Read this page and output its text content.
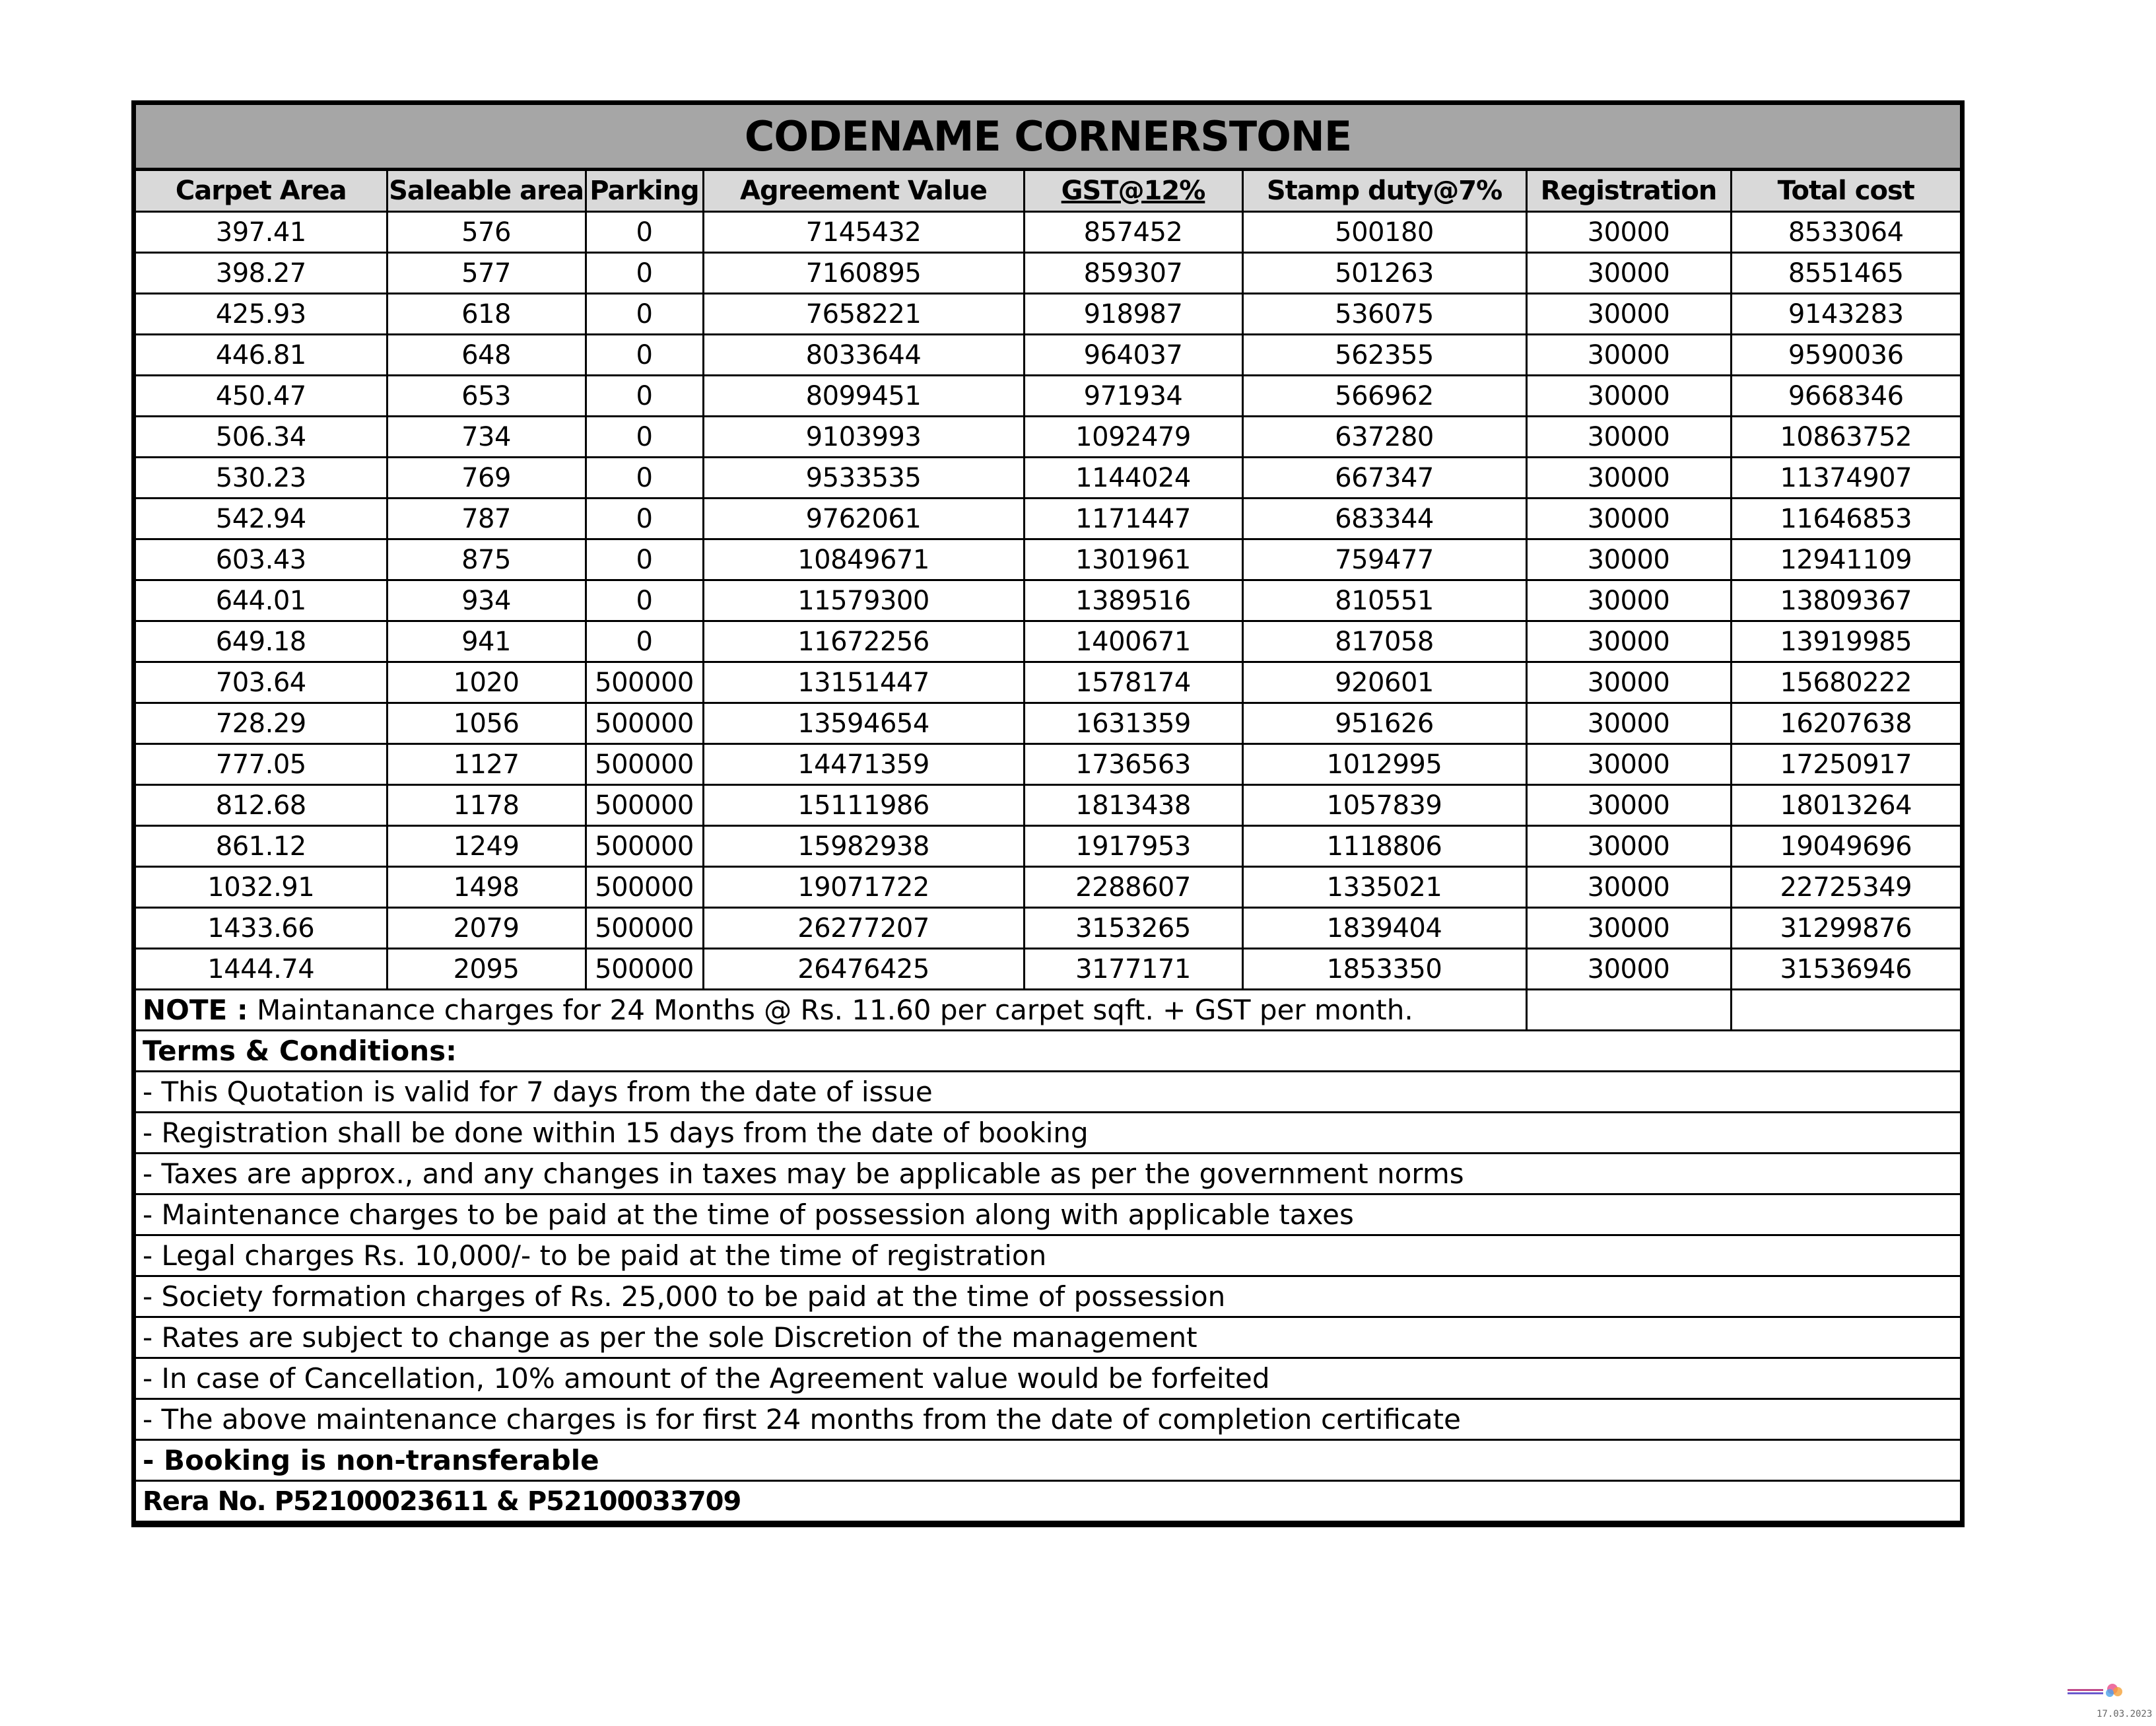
CODENAME CORNERSTONE
Carpet Area	Saleable area	Parking	Agreement Value	GST@12%	Stamp duty@7%	Registration	Total cost
397.41	576	0	7145432	857452	500180	30000	8533064
398.27	577	0	7160895	859307	501263	30000	8551465
425.93	618	0	7658221	918987	536075	30000	9143283
446.81	648	0	8033644	964037	562355	30000	9590036
450.47	653	0	8099451	971934	566962	30000	9668346
506.34	734	0	9103993	1092479	637280	30000	10863752
530.23	769	0	9533535	1144024	667347	30000	11374907
542.94	787	0	9762061	1171447	683344	30000	11646853
603.43	875	0	10849671	1301961	759477	30000	12941109
644.01	934	0	11579300	1389516	810551	30000	13809367
649.18	941	0	11672256	1400671	817058	30000	13919985
703.64	1020	500000	13151447	1578174	920601	30000	15680222
728.29	1056	500000	13594654	1631359	951626	30000	16207638
777.05	1127	500000	14471359	1736563	1012995	30000	17250917
812.68	1178	500000	15111986	1813438	1057839	30000	18013264
861.12	1249	500000	15982938	1917953	1118806	30000	19049696
1032.91	1498	500000	19071722	2288607	1335021	30000	22725349
1433.66	2079	500000	26277207	3153265	1839404	30000	31299876
1444.74	2095	500000	26476425	3177171	1853350	30000	31536946
NOTE : Maintanance charges for 24 Months @ Rs. 11.60 per carpet sqft. + GST per month.							
Terms & Conditions:							
- This Quotation is valid for 7 days from the date of issue							
- Registration shall be done within 15 days from the date of booking							
- Taxes are approx., and any changes in taxes may be applicable as per the government norms							
- Maintenance charges to be paid at the time of possession along with applicable taxes							
- Legal charges Rs. 10,000/- to be paid at the time of registration							
- Society formation charges of Rs. 25,000 to be paid at the time of possession							
- Rates are subject to change as per the sole Discretion of the management							
- In case of Cancellation, 10% amount of the Agreement value would be forfeited							
- The above maintenance charges is for first 24 months from the date of completion certificate							
- Booking is non-transferable							
Rera No. P52100023611 & P52100033709							
17.03.2023
